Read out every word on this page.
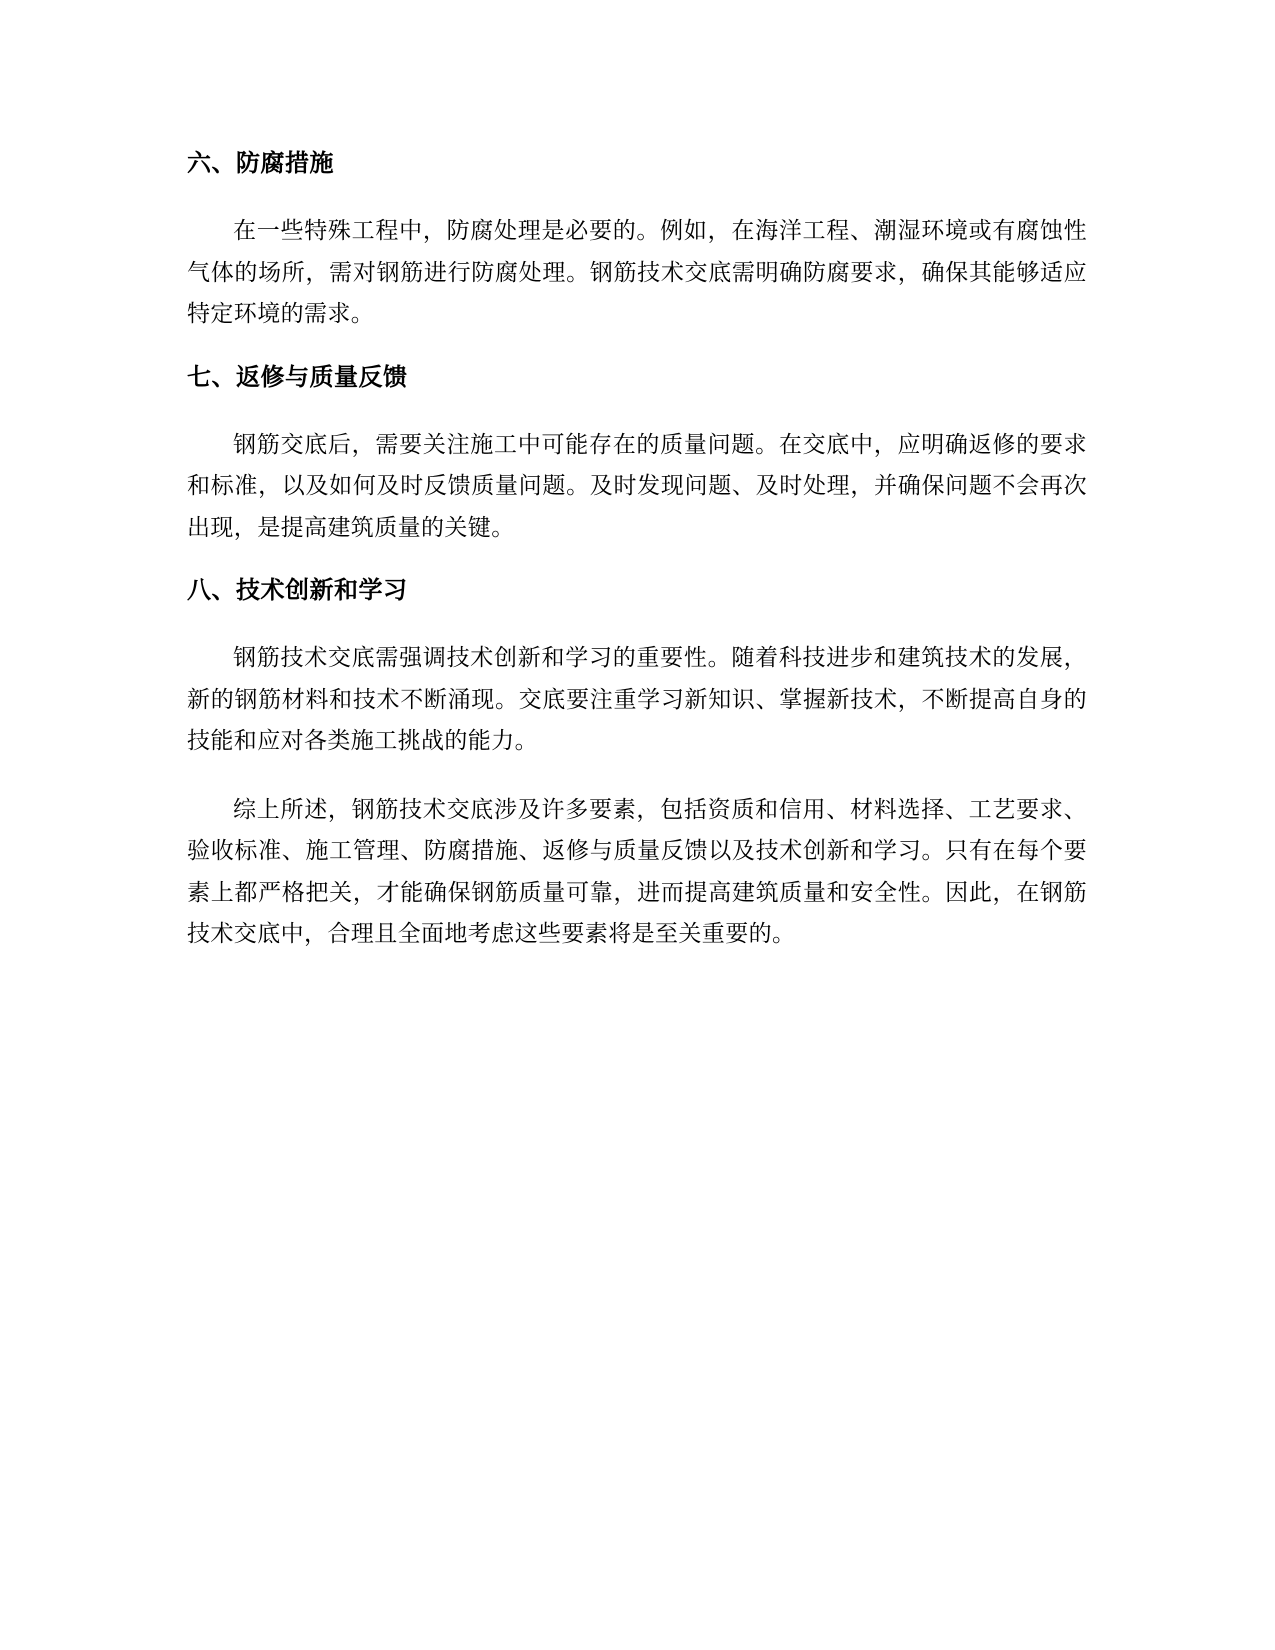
六、防腐措施

在一些特殊工程中，防腐处理是必要的。例如，在海洋工程、潮湿环境或有腐蚀性气体的场所，需对钢筋进行防腐处理。钢筋技术交底需明确防腐要求，确保其能够适应特定环境的需求。

七、返修与质量反馈

钢筋交底后，需要关注施工中可能存在的质量问题。在交底中，应明确返修的要求和标准，以及如何及时反馈质量问题。及时发现问题、及时处理，并确保问题不会再次出现，是提高建筑质量的关键。

八、技术创新和学习

钢筋技术交底需强调技术创新和学习的重要性。随着科技进步和建筑技术的发展，新的钢筋材料和技术不断涌现。交底要注重学习新知识、掌握新技术，不断提高自身的技能和应对各类施工挑战的能力。

综上所述，钢筋技术交底涉及许多要素，包括资质和信用、材料选择、工艺要求、验收标准、施工管理、防腐措施、返修与质量反馈以及技术创新和学习。只有在每个要素上都严格把关，才能确保钢筋质量可靠，进而提高建筑质量和安全性。因此，在钢筋技术交底中，合理且全面地考虑这些要素将是至关重要的。
